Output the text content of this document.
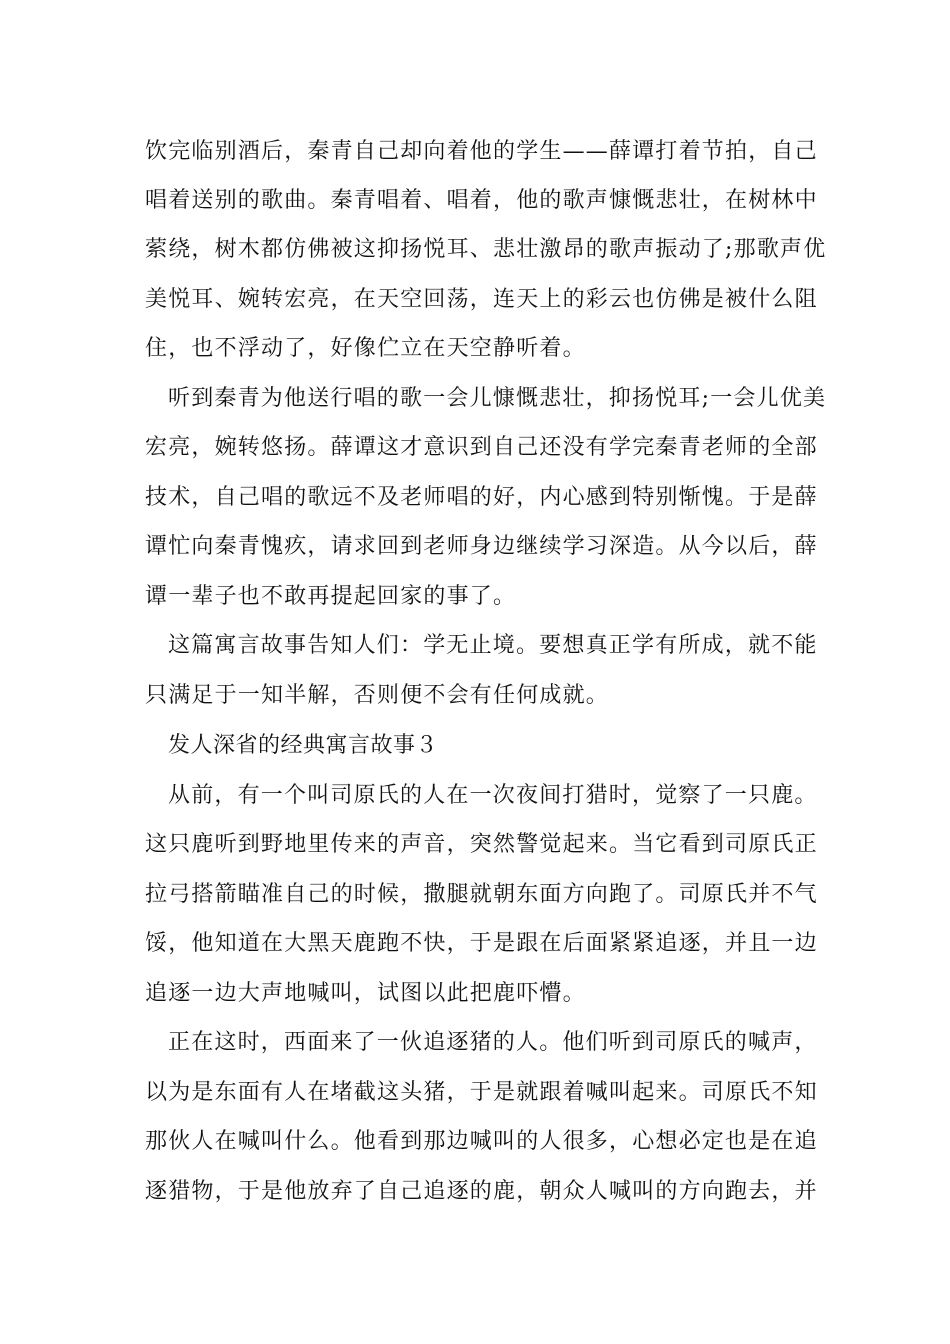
饮完临别酒后，秦青自己却向着他的学生——薛谭打着节拍，自己
唱着送别的歌曲。秦青唱着、唱着，他的歌声慷慨悲壮，在树林中
萦绕，树木都仿佛被这抑扬悦耳、悲壮激昂的歌声振动了;那歌声优
美悦耳、婉转宏亮，在天空回荡，连天上的彩云也仿佛是被什么阻
住，也不浮动了，好像伫立在天空静听着。
听到秦青为他送行唱的歌一会儿慷慨悲壮，抑扬悦耳;一会儿优美
宏亮，婉转悠扬。薛谭这才意识到自己还没有学完秦青老师的全部
技术，自己唱的歌远不及老师唱的好，内心感到特别惭愧。于是薛
谭忙向秦青愧疚，请求回到老师身边继续学习深造。从今以后，薛
谭一辈子也不敢再提起回家的事了。
这篇寓言故事告知人们：学无止境。要想真正学有所成，就不能
只满足于一知半解，否则便不会有任何成就。
发人深省的经典寓言故事３
从前，有一个叫司原氏的人在一次夜间打猎时，觉察了一只鹿。
这只鹿听到野地里传来的声音，突然警觉起来。当它看到司原氏正
拉弓搭箭瞄准自己的时候，撒腿就朝东面方向跑了。司原氏并不气
馁，他知道在大黑天鹿跑不快，于是跟在后面紧紧追逐，并且一边
追逐一边大声地喊叫，试图以此把鹿吓懵。
正在这时，西面来了一伙追逐猪的人。他们听到司原氏的喊声，
以为是东面有人在堵截这头猪，于是就跟着喊叫起来。司原氏不知
那伙人在喊叫什么。他看到那边喊叫的人很多，心想必定也是在追
逐猎物，于是他放弃了自己追逐的鹿，朝众人喊叫的方向跑去，并
